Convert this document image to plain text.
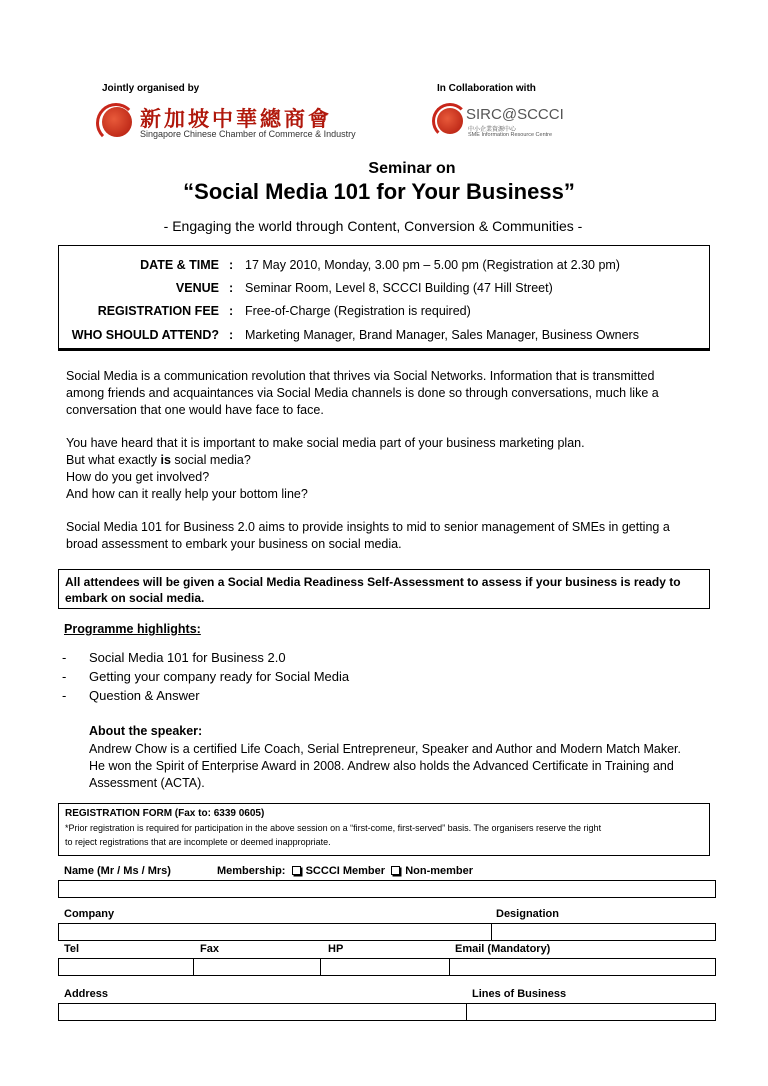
Jointly organised by	In Collaboration with
新加坡中華總商會
Singapore Chinese Chamber of Commerce & Industry
SIRC@SCCCI
中小企業資源中心
SME Information Resource Centre
Seminar on
“Social Media 101 for Your Business”
- Engaging the world through Content, Conversion & Communities -
DATE & TIME : 17 May 2010, Monday, 3.00 pm – 5.00 pm (Registration at 2.30 pm)
VENUE : Seminar Room, Level 8, SCCCI Building (47 Hill Street)
REGISTRATION FEE : Free-of-Charge (Registration is required)
WHO SHOULD ATTEND? : Marketing Manager, Brand Manager, Sales Manager, Business Owners
Social Media is a communication revolution that thrives via Social Networks. Information that is transmitted
among friends and acquaintances via Social Media channels is done so through conversations, much like a
conversation that one would have face to face.
You have heard that it is important to make social media part of your business marketing plan.
But what exactly is social media?
How do you get involved?
And how can it really help your bottom line?
Social Media 101 for Business 2.0 aims to provide insights to mid to senior management of SMEs in getting a
broad assessment to embark your business on social media.
All attendees will be given a Social Media Readiness Self-Assessment to assess if your business is ready to
embark on social media.
Programme highlights:
- Social Media 101 for Business 2.0
- Getting your company ready for Social Media
- Question & Answer
About the speaker:
Andrew Chow is a certified Life Coach, Serial Entrepreneur, Speaker and Author and Modern Match Maker.
He won the Spirit of Enterprise Award in 2008. Andrew also holds the Advanced Certificate in Training and
Assessment (ACTA).
REGISTRATION FORM (Fax to: 6339 0605)
*Prior registration is required for participation in the above session on a “first-come, first-served” basis. The organisers reserve the right
to reject registrations that are incomplete or deemed inappropriate.
Name (Mr / Ms / Mrs)	Membership: SCCCI Member Non-member
Company	Designation
Tel	Fax	HP	Email (Mandatory)
Address	Lines of Business
